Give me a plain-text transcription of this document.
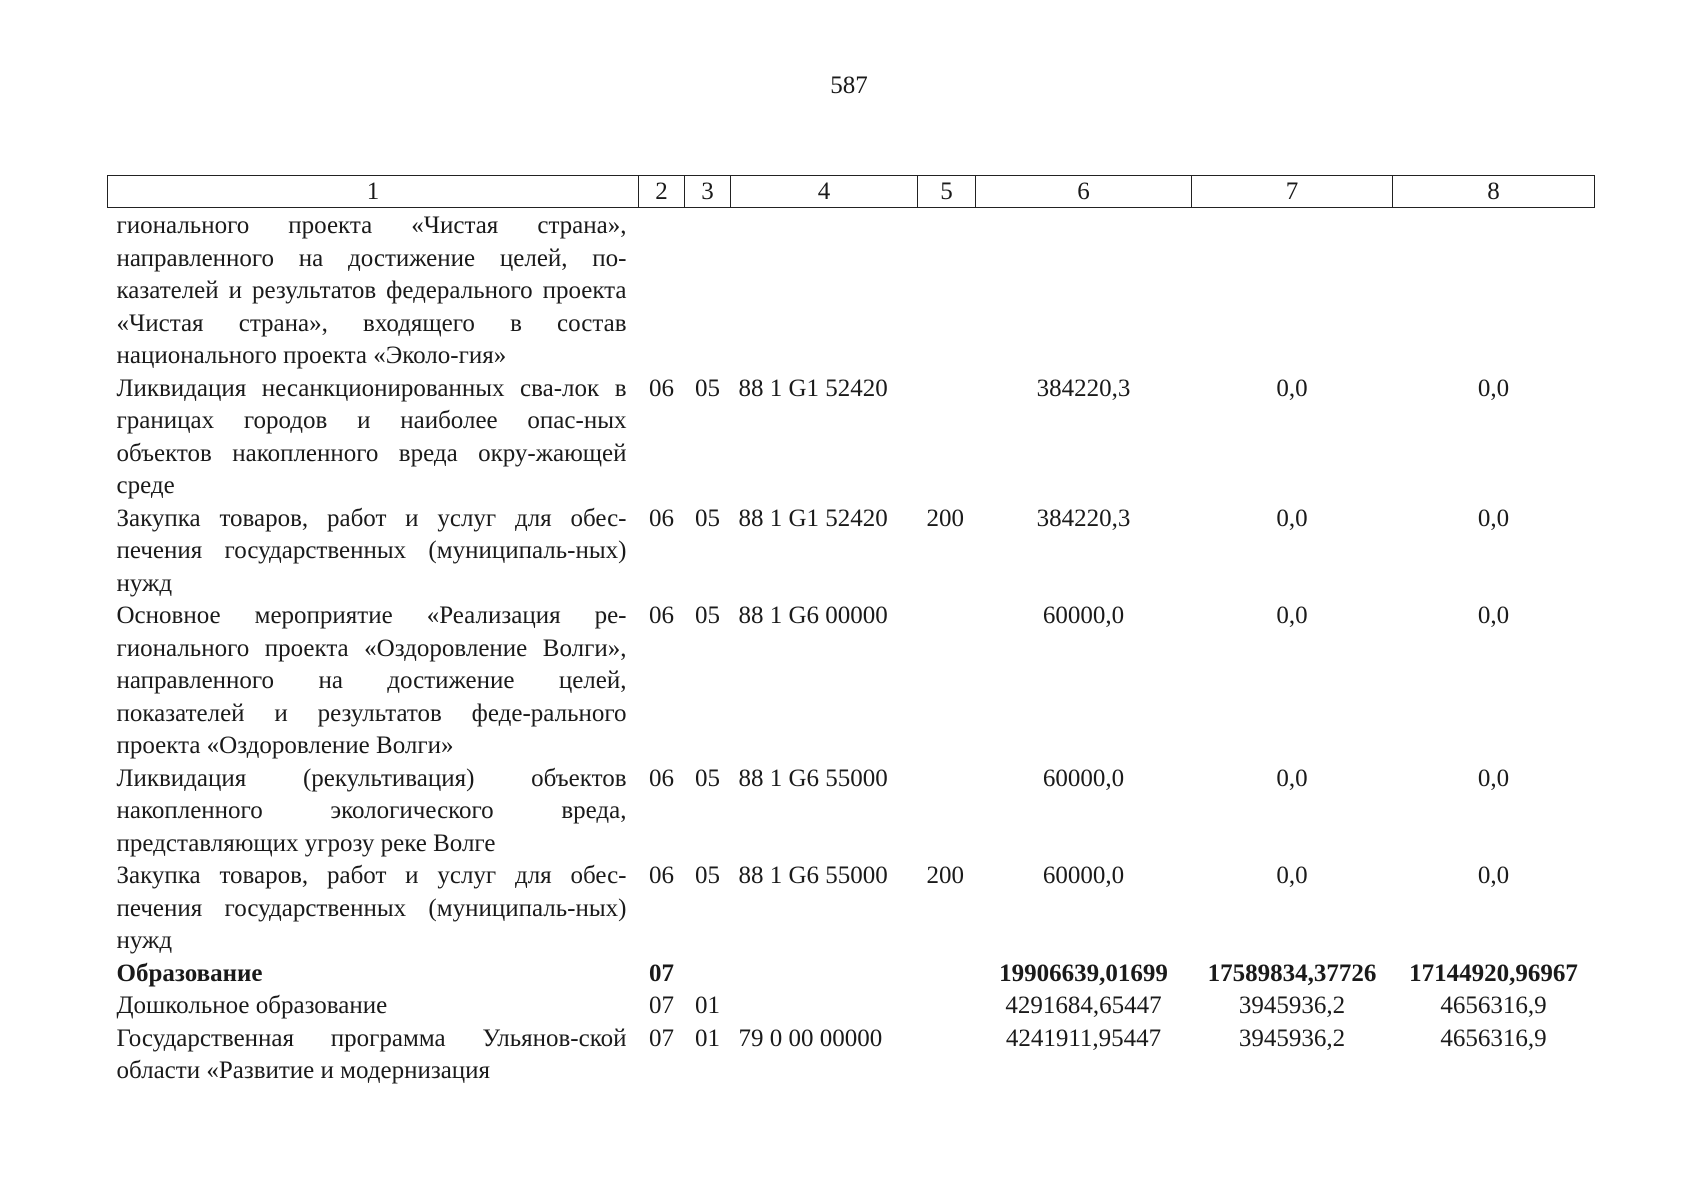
587
1	2	3	4	5	6	7	8
гионального проекта «Чистая страна», направленного на достижение целей, по-казателей и результатов федерального проекта «Чистая страна», входящего в состав национального проекта «Эколо-гия»							
Ликвидация несанкционированных сва-лок в границах городов и наиболее опас-ных объектов накопленного вреда окру-жающей среде	06	05	88 1 G1 52420		384220,3	0,0	0,0
Закупка товаров, работ и услуг для обес-печения государственных (муниципаль-ных) нужд	06	05	88 1 G1 52420	200	384220,3	0,0	0,0
Основное мероприятие «Реализация ре-гионального проекта «Оздоровление Волги», направленного на достижение целей, показателей и результатов феде-рального проекта «Оздоровление Волги»	06	05	88 1 G6 00000		60000,0	0,0	0,0
Ликвидация (рекультивация) объектов накопленного экологического вреда, представляющих угрозу реке Волге	06	05	88 1 G6 55000		60000,0	0,0	0,0
Закупка товаров, работ и услуг для обес-печения государственных (муниципаль-ных) нужд	06	05	88 1 G6 55000	200	60000,0	0,0	0,0
Образование	07				19906639,01699	17589834,37726	17144920,96967
Дошкольное образование	07	01			4291684,65447	3945936,2	4656316,9
Государственная программа Ульянов-ской области «Развитие и модернизация	07	01	79 0 00 00000		4241911,95447	3945936,2	4656316,9
